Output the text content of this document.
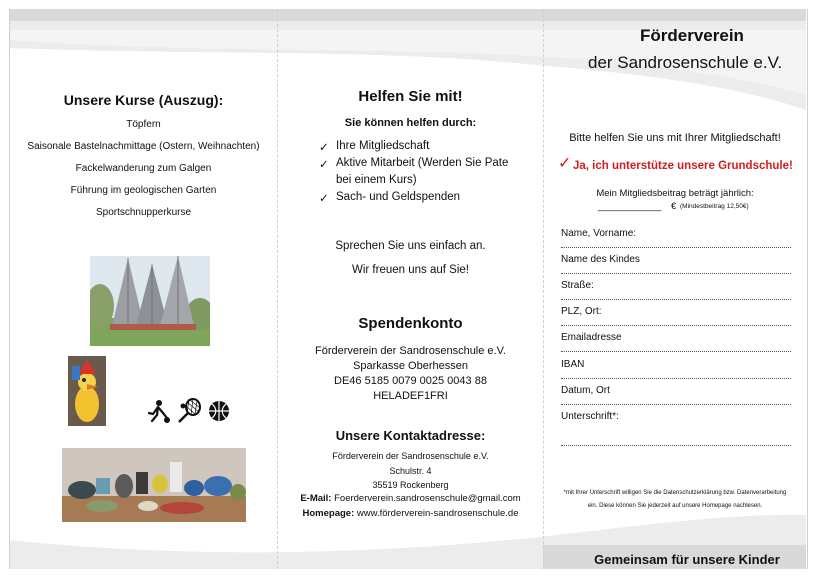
Unsere Kurse (Auszug):
Töpfern
Saisonale Bastelnachmittage (Ostern, Weihnachten)
Fackelwanderung zum Galgen
Führung im geologischen Garten
Sportschnupperkurse
Helfen Sie mit!
Sie können helfen durch:
✓ Ihre Mitgliedschaft
✓ Aktive Mitarbeit (Werden Sie Pate
bei einem Kurs)
✓ Sach- und Geldspenden
Sprechen Sie uns einfach an.
Wir freuen uns auf Sie!
Spendenkonto
Förderverein der Sandrosenschule e.V.
Sparkasse Oberhessen
DE46 5185 0079 0025 0043 88
HELADEF1FRI
Unsere Kontaktadresse:
Förderverein der Sandrosenschule e.V.
Schulstr. 4
35519 Rockenberg
E-Mail: Foerderverein.sandrosenschule@gmail.com
Homepage: www.förderverein-sandrosenschule.de
Förderverein
der Sandrosenschule e.V.
Bitte helfen Sie uns mit Ihrer Mitgliedschaft!
✓ Ja, ich unterstütze unsere Grundschule!
Mein Mitgliedsbeitrag beträgt jährlich:
____________ € (Mindestbeitrag 12,50€)
Name, Vorname:
Name des Kindes
Straße:
PLZ, Ort:
Emailadresse
IBAN
Datum, Ort
Unterschrift*:
*mit Ihrer Unterschrift willigen Sie die Datenschutzerklärung bzw. Datenverarbeitung
ein. Diese können Sie jederzeit auf unsere Homepage nachlesen.
Gemeinsam für unsere Kinder
